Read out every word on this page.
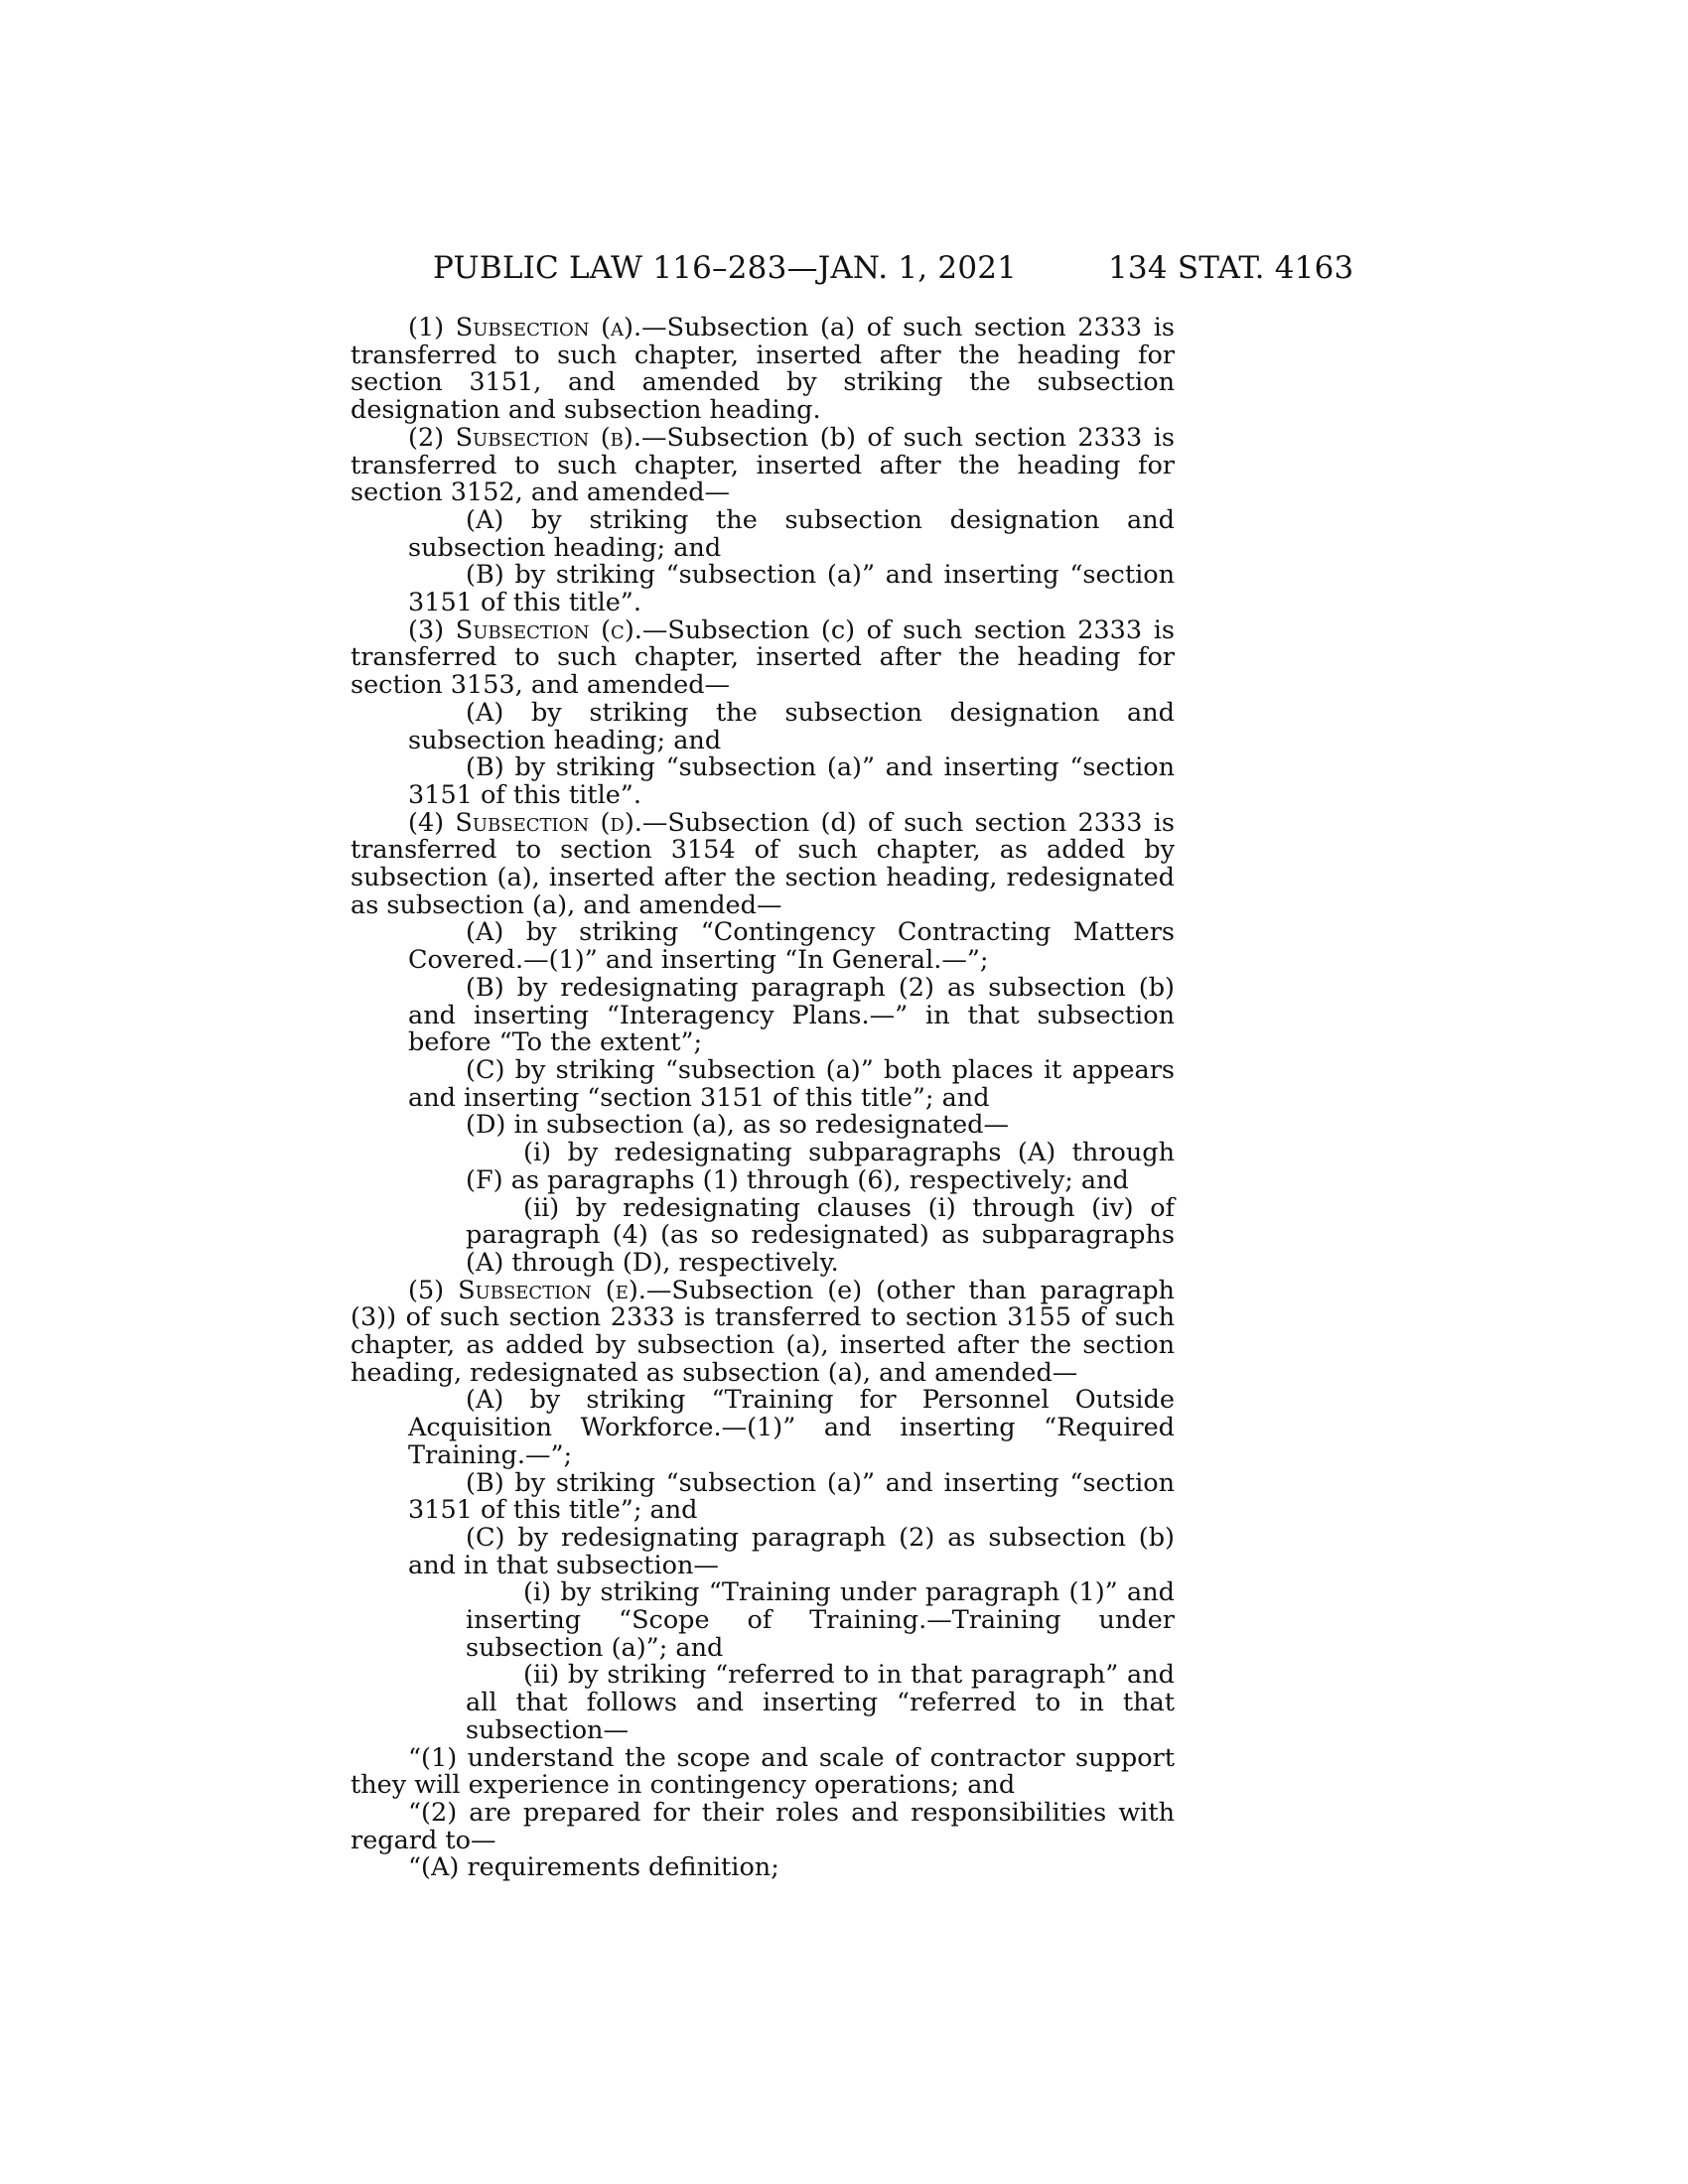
PUBLIC LAW 116–283—JAN. 1, 2021	134 STAT. 4163
(1) Subsection (a).—Subsection (a) of such section 2333 is transferred to such chapter, inserted after the heading for section 3151, and amended by striking the subsection designation and subsection heading.
(2) Subsection (b).—Subsection (b) of such section 2333 is transferred to such chapter, inserted after the heading for section 3152, and amended—
(A) by striking the subsection designation and subsection heading; and
(B) by striking “subsection (a)” and inserting “section 3151 of this title”.
(3) Subsection (c).—Subsection (c) of such section 2333 is transferred to such chapter, inserted after the heading for section 3153, and amended—
(A) by striking the subsection designation and subsection heading; and
(B) by striking “subsection (a)” and inserting “section 3151 of this title”.
(4) Subsection (d).—Subsection (d) of such section 2333 is transferred to section 3154 of such chapter, as added by subsection (a), inserted after the section heading, redesignated as subsection (a), and amended—
(A) by striking “Contingency Contracting Matters Covered.—(1)” and inserting “In General.—”;
(B) by redesignating paragraph (2) as subsection (b) and inserting “Interagency Plans.—” in that subsection before “To the extent”;
(C) by striking “subsection (a)” both places it appears and inserting “section 3151 of this title”; and
(D) in subsection (a), as so redesignated—
(i) by redesignating subparagraphs (A) through (F) as paragraphs (1) through (6), respectively; and
(ii) by redesignating clauses (i) through (iv) of paragraph (4) (as so redesignated) as subparagraphs (A) through (D), respectively.
(5) Subsection (e).—Subsection (e) (other than paragraph (3)) of such section 2333 is transferred to section 3155 of such chapter, as added by subsection (a), inserted after the section heading, redesignated as subsection (a), and amended—
(A) by striking “Training for Personnel Outside Acquisition Workforce.—(1)” and inserting “Required Training.—”;
(B) by striking “subsection (a)” and inserting “section 3151 of this title”; and
(C) by redesignating paragraph (2) as subsection (b) and in that subsection—
(i) by striking “Training under paragraph (1)” and inserting “Scope of Training.—Training under subsection (a)”; and
(ii) by striking “referred to in that paragraph” and all that follows and inserting “referred to in that subsection—
“(1) understand the scope and scale of contractor support they will experience in contingency operations; and
“(2) are prepared for their roles and responsibilities with regard to—
“(A) requirements definition;
